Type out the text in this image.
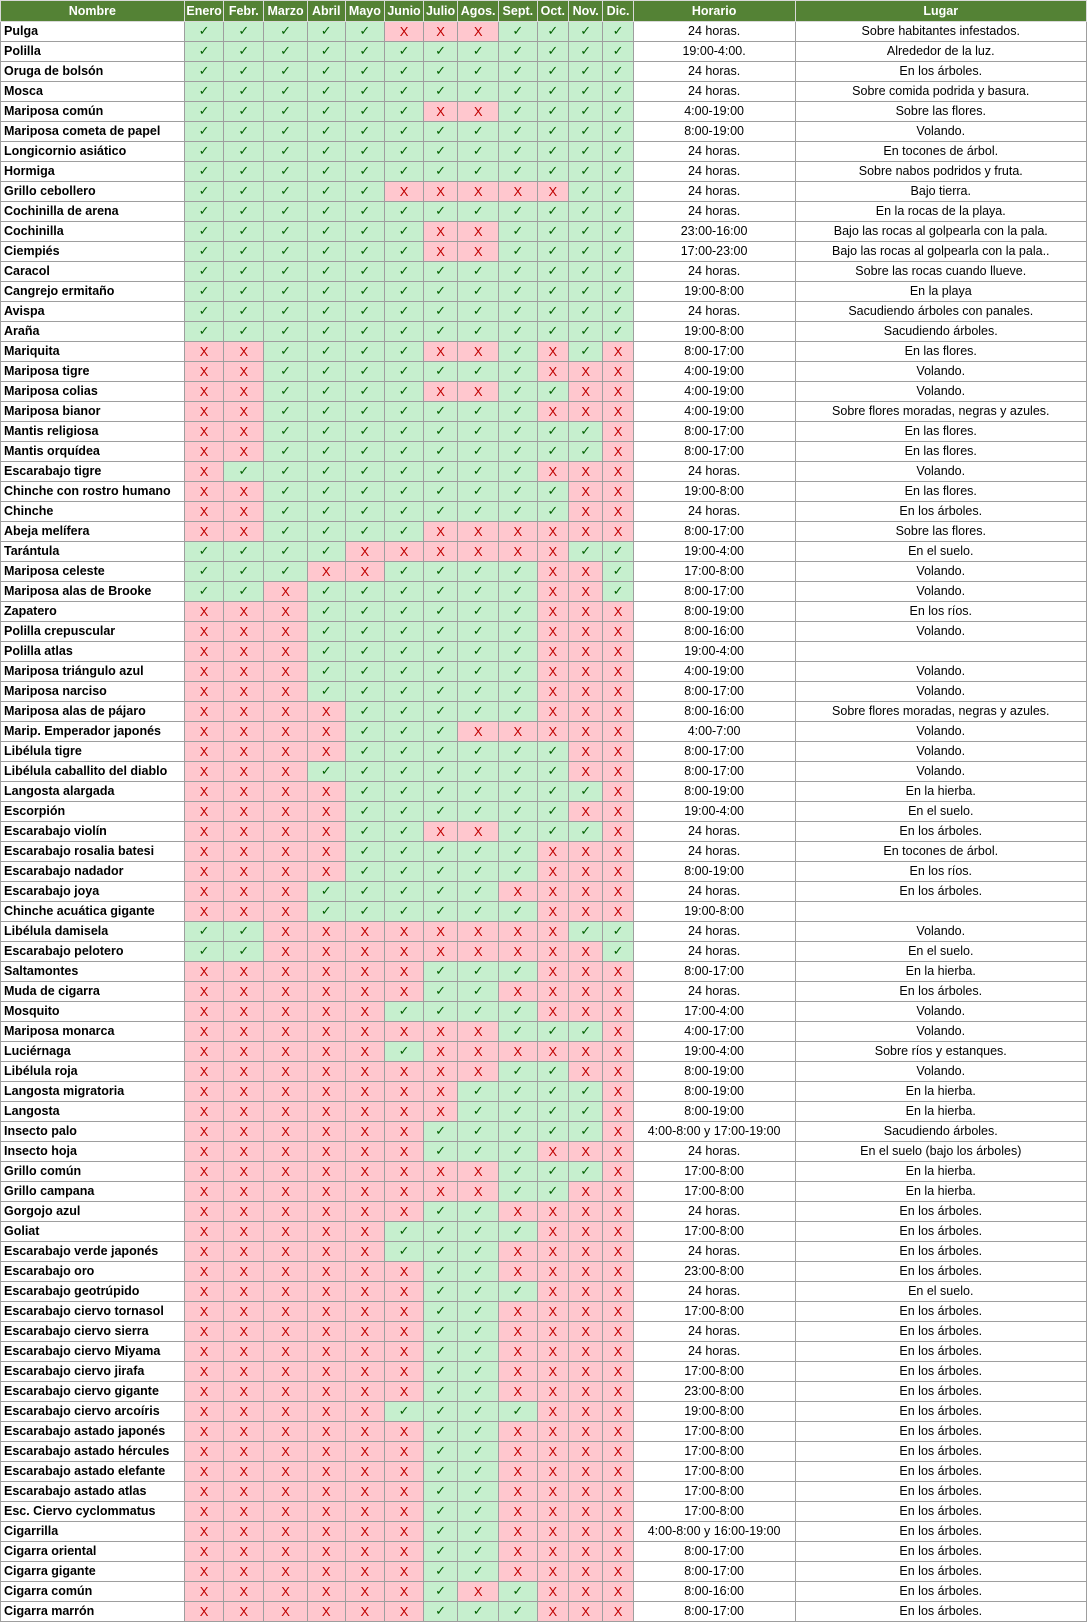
Nombre	Enero	Febr.	Marzo	Abril	Mayo	Junio	Julio	Agos.	Sept.	Oct.	Nov.	Dic.	Horario	Lugar
Pulga	✓	✓	✓	✓	✓	X	X	X	✓	✓	✓	✓	24 horas.	Sobre habitantes infestados.
Polilla	✓	✓	✓	✓	✓	✓	✓	✓	✓	✓	✓	✓	19:00-4:00.	Alrededor de la luz.
Oruga de bolsón	✓	✓	✓	✓	✓	✓	✓	✓	✓	✓	✓	✓	24 horas.	En los árboles.
Mosca	✓	✓	✓	✓	✓	✓	✓	✓	✓	✓	✓	✓	24 horas.	Sobre comida podrida y basura.
Mariposa común	✓	✓	✓	✓	✓	✓	X	X	✓	✓	✓	✓	4:00-19:00	Sobre las flores.
Mariposa cometa de papel	✓	✓	✓	✓	✓	✓	✓	✓	✓	✓	✓	✓	8:00-19:00	Volando.
Longicornio asiático	✓	✓	✓	✓	✓	✓	✓	✓	✓	✓	✓	✓	24 horas.	En tocones de árbol.
Hormiga	✓	✓	✓	✓	✓	✓	✓	✓	✓	✓	✓	✓	24 horas.	Sobre nabos podridos y fruta.
Grillo cebollero	✓	✓	✓	✓	✓	X	X	X	X	X	✓	✓	24 horas.	Bajo tierra.
Cochinilla de arena	✓	✓	✓	✓	✓	✓	✓	✓	✓	✓	✓	✓	24 horas.	En la rocas de la playa.
Cochinilla	✓	✓	✓	✓	✓	✓	X	X	✓	✓	✓	✓	23:00-16:00	Bajo las rocas al golpearla con la pala.
Ciempiés	✓	✓	✓	✓	✓	✓	X	X	✓	✓	✓	✓	17:00-23:00	Bajo las rocas al golpearla con la pala..
Caracol	✓	✓	✓	✓	✓	✓	✓	✓	✓	✓	✓	✓	24 horas.	Sobre las rocas cuando llueve.
Cangrejo ermitaño	✓	✓	✓	✓	✓	✓	✓	✓	✓	✓	✓	✓	19:00-8:00	En la playa
Avispa	✓	✓	✓	✓	✓	✓	✓	✓	✓	✓	✓	✓	24 horas.	Sacudiendo árboles con panales.
Araña	✓	✓	✓	✓	✓	✓	✓	✓	✓	✓	✓	✓	19:00-8:00	Sacudiendo árboles.
Mariquita	X	X	✓	✓	✓	✓	X	X	✓	X	✓	X	8:00-17:00	En las flores.
Mariposa tigre	X	X	✓	✓	✓	✓	✓	✓	✓	X	X	X	4:00-19:00	Volando.
Mariposa colias	X	X	✓	✓	✓	✓	X	X	✓	✓	X	X	4:00-19:00	Volando.
Mariposa bianor	X	X	✓	✓	✓	✓	✓	✓	✓	X	X	X	4:00-19:00	Sobre flores moradas, negras y azules.
Mantis religiosa	X	X	✓	✓	✓	✓	✓	✓	✓	✓	✓	X	8:00-17:00	En las flores.
Mantis orquídea	X	X	✓	✓	✓	✓	✓	✓	✓	✓	✓	X	8:00-17:00	En las flores.
Escarabajo tigre	X	✓	✓	✓	✓	✓	✓	✓	✓	X	X	X	24 horas.	Volando.
Chinche con rostro humano	X	X	✓	✓	✓	✓	✓	✓	✓	✓	X	X	19:00-8:00	En las flores.
Chinche	X	X	✓	✓	✓	✓	✓	✓	✓	✓	X	X	24 horas.	En los árboles.
Abeja melífera	X	X	✓	✓	✓	✓	X	X	X	X	X	X	8:00-17:00	Sobre las flores.
Tarántula	✓	✓	✓	✓	X	X	X	X	X	X	✓	✓	19:00-4:00	En el suelo.
Mariposa celeste	✓	✓	✓	X	X	✓	✓	✓	✓	X	X	✓	17:00-8:00	Volando.
Mariposa alas de Brooke	✓	✓	X	✓	✓	✓	✓	✓	✓	X	X	✓	8:00-17:00	Volando.
Zapatero	X	X	X	✓	✓	✓	✓	✓	✓	X	X	X	8:00-19:00	En los ríos.
Polilla crepuscular	X	X	X	✓	✓	✓	✓	✓	✓	X	X	X	8:00-16:00	Volando.
Polilla atlas	X	X	X	✓	✓	✓	✓	✓	✓	X	X	X	19:00-4:00	
Mariposa triángulo azul	X	X	X	✓	✓	✓	✓	✓	✓	X	X	X	4:00-19:00	Volando.
Mariposa narciso	X	X	X	✓	✓	✓	✓	✓	✓	X	X	X	8:00-17:00	Volando.
Mariposa alas de pájaro	X	X	X	X	✓	✓	✓	✓	✓	X	X	X	8:00-16:00	Sobre flores moradas, negras y azules.
Marip. Emperador japonés	X	X	X	X	✓	✓	✓	X	X	X	X	X	4:00-7:00	Volando.
Libélula tigre	X	X	X	X	✓	✓	✓	✓	✓	✓	X	X	8:00-17:00	Volando.
Libélula caballito del diablo	X	X	X	✓	✓	✓	✓	✓	✓	✓	X	X	8:00-17:00	Volando.
Langosta alargada	X	X	X	X	✓	✓	✓	✓	✓	✓	✓	X	8:00-19:00	En la hierba.
Escorpión	X	X	X	X	✓	✓	✓	✓	✓	✓	X	X	19:00-4:00	En el suelo.
Escarabajo violín	X	X	X	X	✓	✓	X	X	✓	✓	✓	X	24 horas.	En los árboles.
Escarabajo rosalia batesi	X	X	X	X	✓	✓	✓	✓	✓	X	X	X	24 horas.	En tocones de árbol.
Escarabajo nadador	X	X	X	X	✓	✓	✓	✓	✓	X	X	X	8:00-19:00	En los ríos.
Escarabajo joya	X	X	X	✓	✓	✓	✓	✓	X	X	X	X	24 horas.	En los árboles.
Chinche acuática gigante	X	X	X	✓	✓	✓	✓	✓	✓	X	X	X	19:00-8:00	
Libélula damisela	✓	✓	X	X	X	X	X	X	X	X	✓	✓	24 horas.	Volando.
Escarabajo pelotero	✓	✓	X	X	X	X	X	X	X	X	X	✓	24 horas.	En el suelo.
Saltamontes	X	X	X	X	X	X	✓	✓	✓	X	X	X	8:00-17:00	En la hierba.
Muda de cigarra	X	X	X	X	X	X	✓	✓	X	X	X	X	24 horas.	En los árboles.
Mosquito	X	X	X	X	X	✓	✓	✓	✓	X	X	X	17:00-4:00	Volando.
Mariposa monarca	X	X	X	X	X	X	X	X	✓	✓	✓	X	4:00-17:00	Volando.
Luciérnaga	X	X	X	X	X	✓	X	X	X	X	X	X	19:00-4:00	Sobre ríos y estanques.
Libélula roja	X	X	X	X	X	X	X	X	✓	✓	X	X	8:00-19:00	Volando.
Langosta migratoria	X	X	X	X	X	X	X	✓	✓	✓	✓	X	8:00-19:00	En la hierba.
Langosta	X	X	X	X	X	X	X	✓	✓	✓	✓	X	8:00-19:00	En la hierba.
Insecto palo	X	X	X	X	X	X	✓	✓	✓	✓	✓	X	4:00-8:00 y 17:00-19:00	Sacudiendo árboles.
Insecto hoja	X	X	X	X	X	X	✓	✓	✓	X	X	X	24 horas.	En el suelo (bajo los árboles)
Grillo común	X	X	X	X	X	X	X	X	✓	✓	✓	X	17:00-8:00	En la hierba.
Grillo campana	X	X	X	X	X	X	X	X	✓	✓	X	X	17:00-8:00	En la hierba.
Gorgojo azul	X	X	X	X	X	X	✓	✓	X	X	X	X	24 horas.	En los árboles.
Goliat	X	X	X	X	X	✓	✓	✓	✓	X	X	X	17:00-8:00	En los árboles.
Escarabajo verde japonés	X	X	X	X	X	✓	✓	✓	X	X	X	X	24 horas.	En los árboles.
Escarabajo oro	X	X	X	X	X	X	✓	✓	X	X	X	X	23:00-8:00	En los árboles.
Escarabajo geotrúpido	X	X	X	X	X	X	✓	✓	✓	X	X	X	24 horas.	En el suelo.
Escarabajo ciervo tornasol	X	X	X	X	X	X	✓	✓	X	X	X	X	17:00-8:00	En los árboles.
Escarabajo ciervo sierra	X	X	X	X	X	X	✓	✓	X	X	X	X	24 horas.	En los árboles.
Escarabajo ciervo Miyama	X	X	X	X	X	X	✓	✓	X	X	X	X	24 horas.	En los árboles.
Escarabajo ciervo jirafa	X	X	X	X	X	X	✓	✓	X	X	X	X	17:00-8:00	En los árboles.
Escarabajo ciervo gigante	X	X	X	X	X	X	✓	✓	X	X	X	X	23:00-8:00	En los árboles.
Escarabajo ciervo arcoíris	X	X	X	X	X	✓	✓	✓	✓	X	X	X	19:00-8:00	En los árboles.
Escarabajo astado japonés	X	X	X	X	X	X	✓	✓	X	X	X	X	17:00-8:00	En los árboles.
Escarabajo astado hércules	X	X	X	X	X	X	✓	✓	X	X	X	X	17:00-8:00	En los árboles.
Escarabajo astado elefante	X	X	X	X	X	X	✓	✓	X	X	X	X	17:00-8:00	En los árboles.
Escarabajo astado atlas	X	X	X	X	X	X	✓	✓	X	X	X	X	17:00-8:00	En los árboles.
Esc. Ciervo cyclommatus	X	X	X	X	X	X	✓	✓	X	X	X	X	17:00-8:00	En los árboles.
Cigarrilla	X	X	X	X	X	X	✓	✓	X	X	X	X	4:00-8:00 y 16:00-19:00	En los árboles.
Cigarra oriental	X	X	X	X	X	X	✓	✓	X	X	X	X	8:00-17:00	En los árboles.
Cigarra gigante	X	X	X	X	X	X	✓	✓	X	X	X	X	8:00-17:00	En los árboles.
Cigarra común	X	X	X	X	X	X	✓	X	✓	X	X	X	8:00-16:00	En los árboles.
Cigarra marrón	X	X	X	X	X	X	✓	✓	✓	X	X	X	8:00-17:00	En los árboles.
